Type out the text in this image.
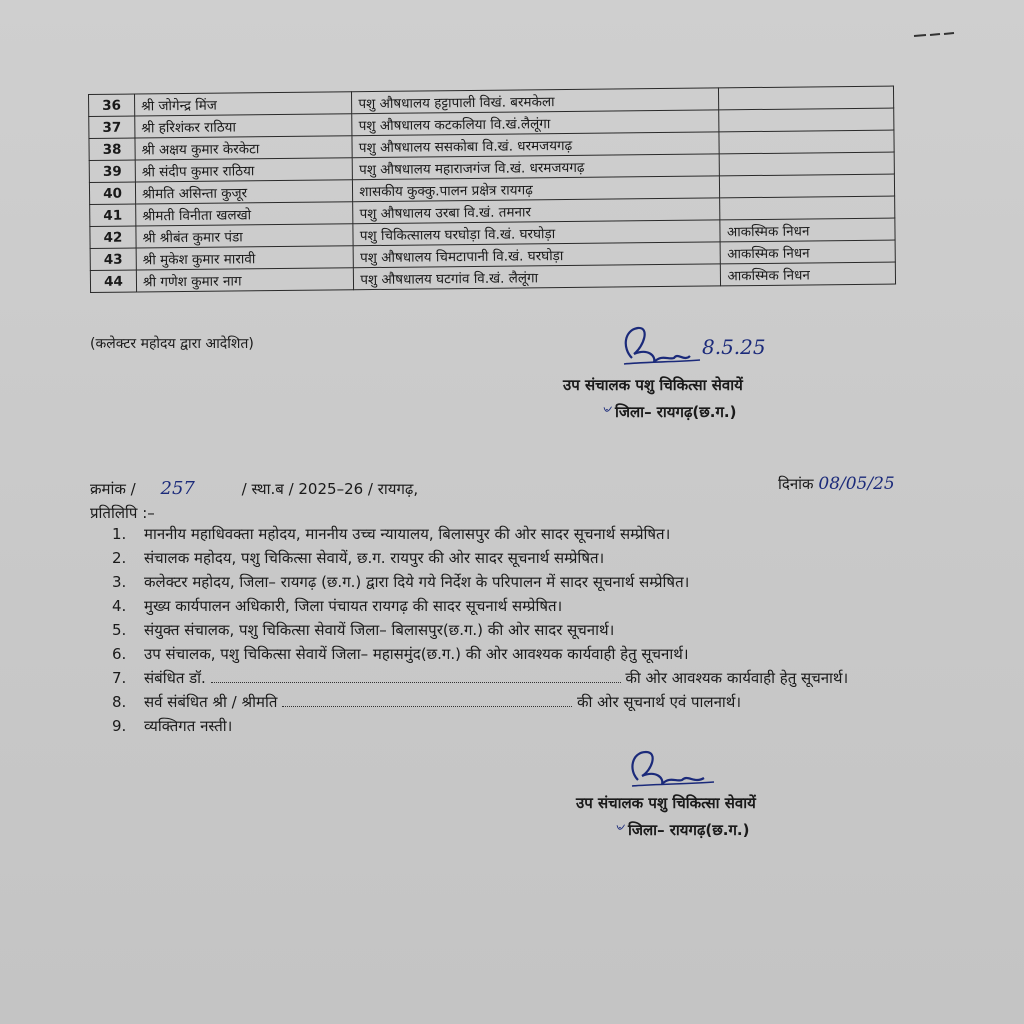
36	श्री जोगेन्द्र मिंज	पशु औषधालय हट्टापाली विखं. बरमकेला	
37	श्री हरिशंकर राठिया	पशु औषधालय कटकलिया वि.खं.लैलूंगा	
38	श्री अक्षय कुमार केरकेटा	पशु औषधालय ससकोबा वि.खं. धरमजयगढ़	
39	श्री संदीप कुमार राठिया	पशु औषधालय महाराजगंज वि.खं. धरमजयगढ़	
40	श्रीमति असिन्ता कुजूर	शासकीय कुक्कु.पालन प्रक्षेत्र रायगढ़	
41	श्रीमती विनीता खलखो	पशु औषधालय उरबा वि.खं. तमनार	
42	श्री श्रीबंत कुमार पंडा	पशु चिकित्सालय घरघोड़ा वि.खं. घरघोड़ा	आकस्मिक निधन
43	श्री मुकेश कुमार मारावी	पशु औषधालय चिमटापानी वि.खं. घरघोड़ा	आकस्मिक निधन
44	श्री गणेश कुमार नाग	पशु औषधालय घटगांव वि.खं. लैलूंगा	आकस्मिक निधन
(कलेक्टर महोदय द्वारा आदेशित)	8.5.25
उप संचालक पशु चिकित्सा सेवायें
जिला– रायगढ़(छ.ग.)
৺
क्रमांक / 257	/ स्था.ब / 2025–26 / रायगढ़,	दिनांक 08/05/25
प्रतिलिपि :–
1. माननीय महाधिवक्ता महोदय, माननीय उच्च न्यायालय, बिलासपुर की ओर सादर सूचनार्थ सम्प्रेषित।
2. संचालक महोदय, पशु चिकित्सा सेवायें, छ.ग. रायपुर की ओर सादर सूचनार्थ सम्प्रेषित।
3. कलेक्टर महोदय, जिला– रायगढ़ (छ.ग.) द्वारा दिये गये निर्देश के परिपालन में सादर सूचनार्थ सम्प्रेषित।
4. मुख्य कार्यपालन अधिकारी, जिला पंचायत रायगढ़ की सादर सूचनार्थ सम्प्रेषित।
5. संयुक्त संचालक, पशु चिकित्सा सेवायें जिला– बिलासपुर(छ.ग.) की ओर सादर सूचनार्थ।
6. उप संचालक, पशु चिकित्सा सेवायें जिला– महासमुंद(छ.ग.) की ओर आवश्यक कार्यवाही हेतु सूचनार्थ।
7. संबंधित डॉ.	की ओर आवश्यक कार्यवाही हेतु सूचनार्थ।
8. सर्व संबंधित श्री / श्रीमति	की ओर सूचनार्थ एवं पालनार्थ।
9. व्यक्तिगत नस्ती।
उप संचालक पशु चिकित्सा सेवायें
जिला– रायगढ़(छ.ग.)
৺
